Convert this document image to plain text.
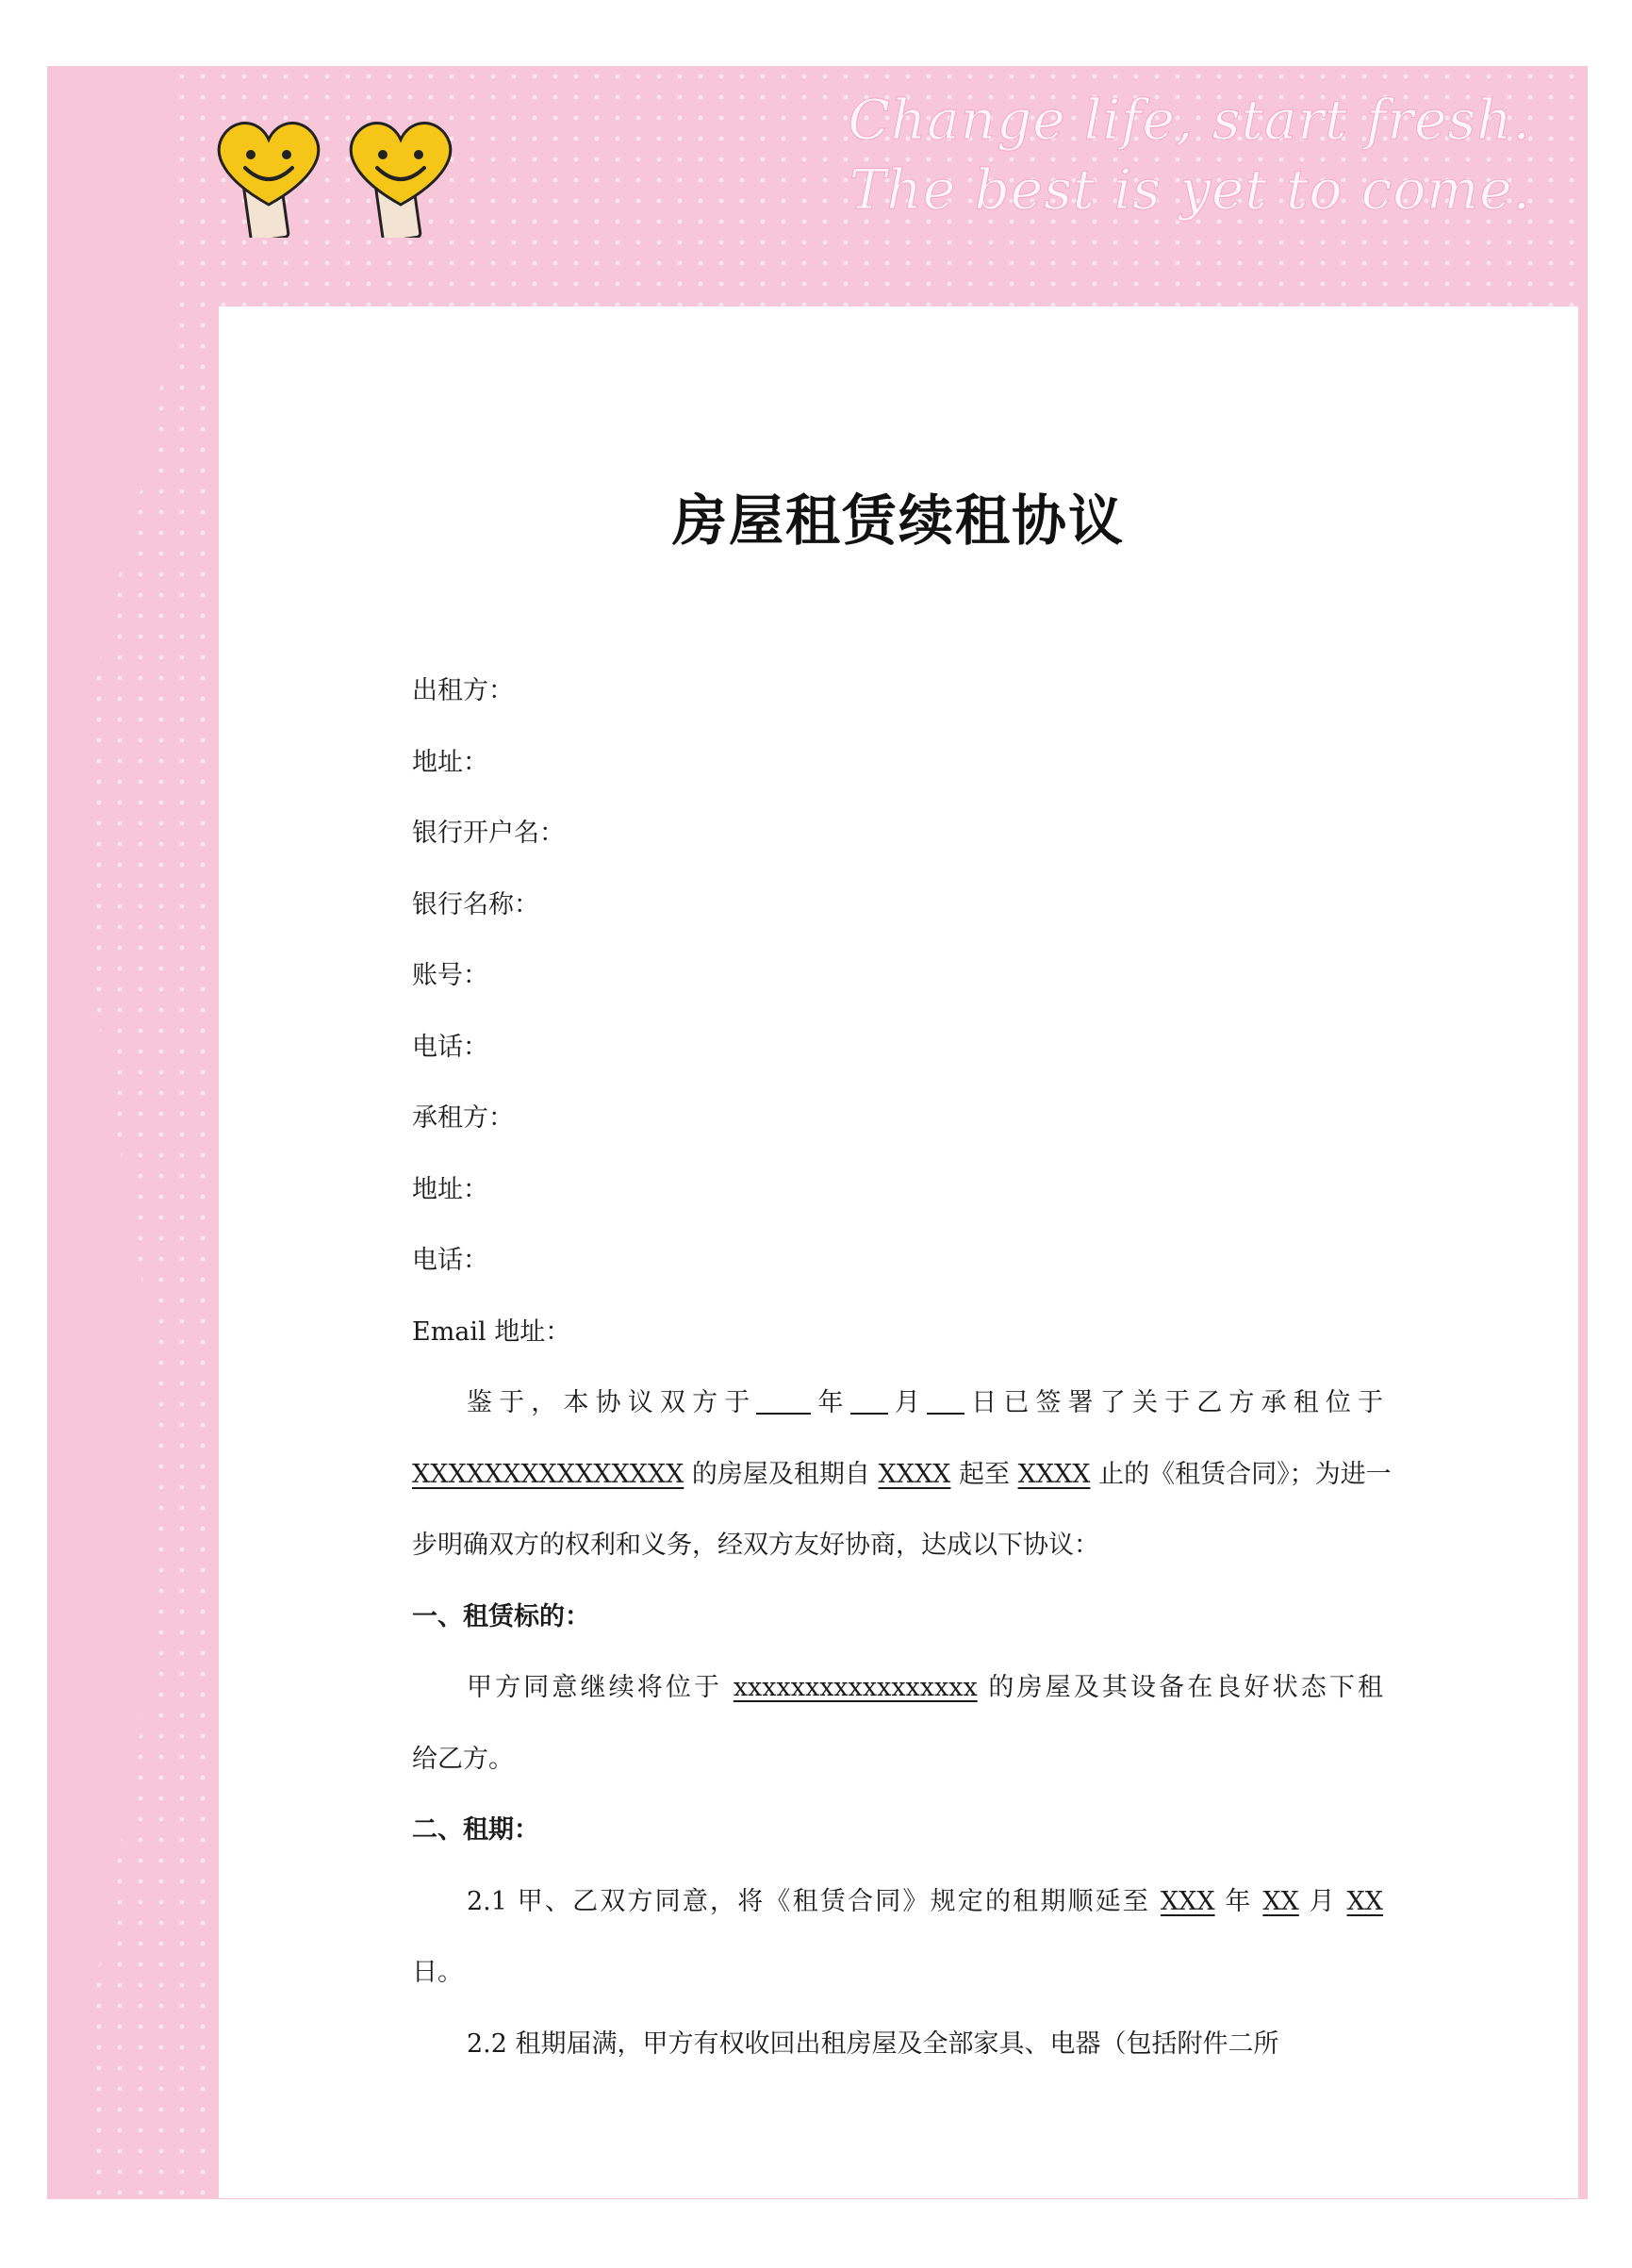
Change life, start fresh.
The best is yet to come.
房屋租赁续租协议

出租方：

地址：

银行开户名：

银行名称：

账号：

电话：

承租方：

地址：

电话：

Email 地址：

鉴于，本协议双方于 年 月 日已签署了关于乙方承租位于

XXXXXXXXXXXXXXX 的房屋及租期自 XXXX 起至 XXXX 止的《租赁合同》；为进一

步明确双方的权利和义务，经双方友好协商，达成以下协议：

一、租赁标的：

甲方同意继续将位于 xxxxxxxxxxxxxxxxx 的房屋及其设备在良好状态下租

给乙方。

二、租期：

2.1 甲、乙双方同意，将《租赁合同》规定的租期顺延至 XXX 年 XX 月 XX

日。

2.2 租期届满，甲方有权收回出租房屋及全部家具、电器（包括附件二所
